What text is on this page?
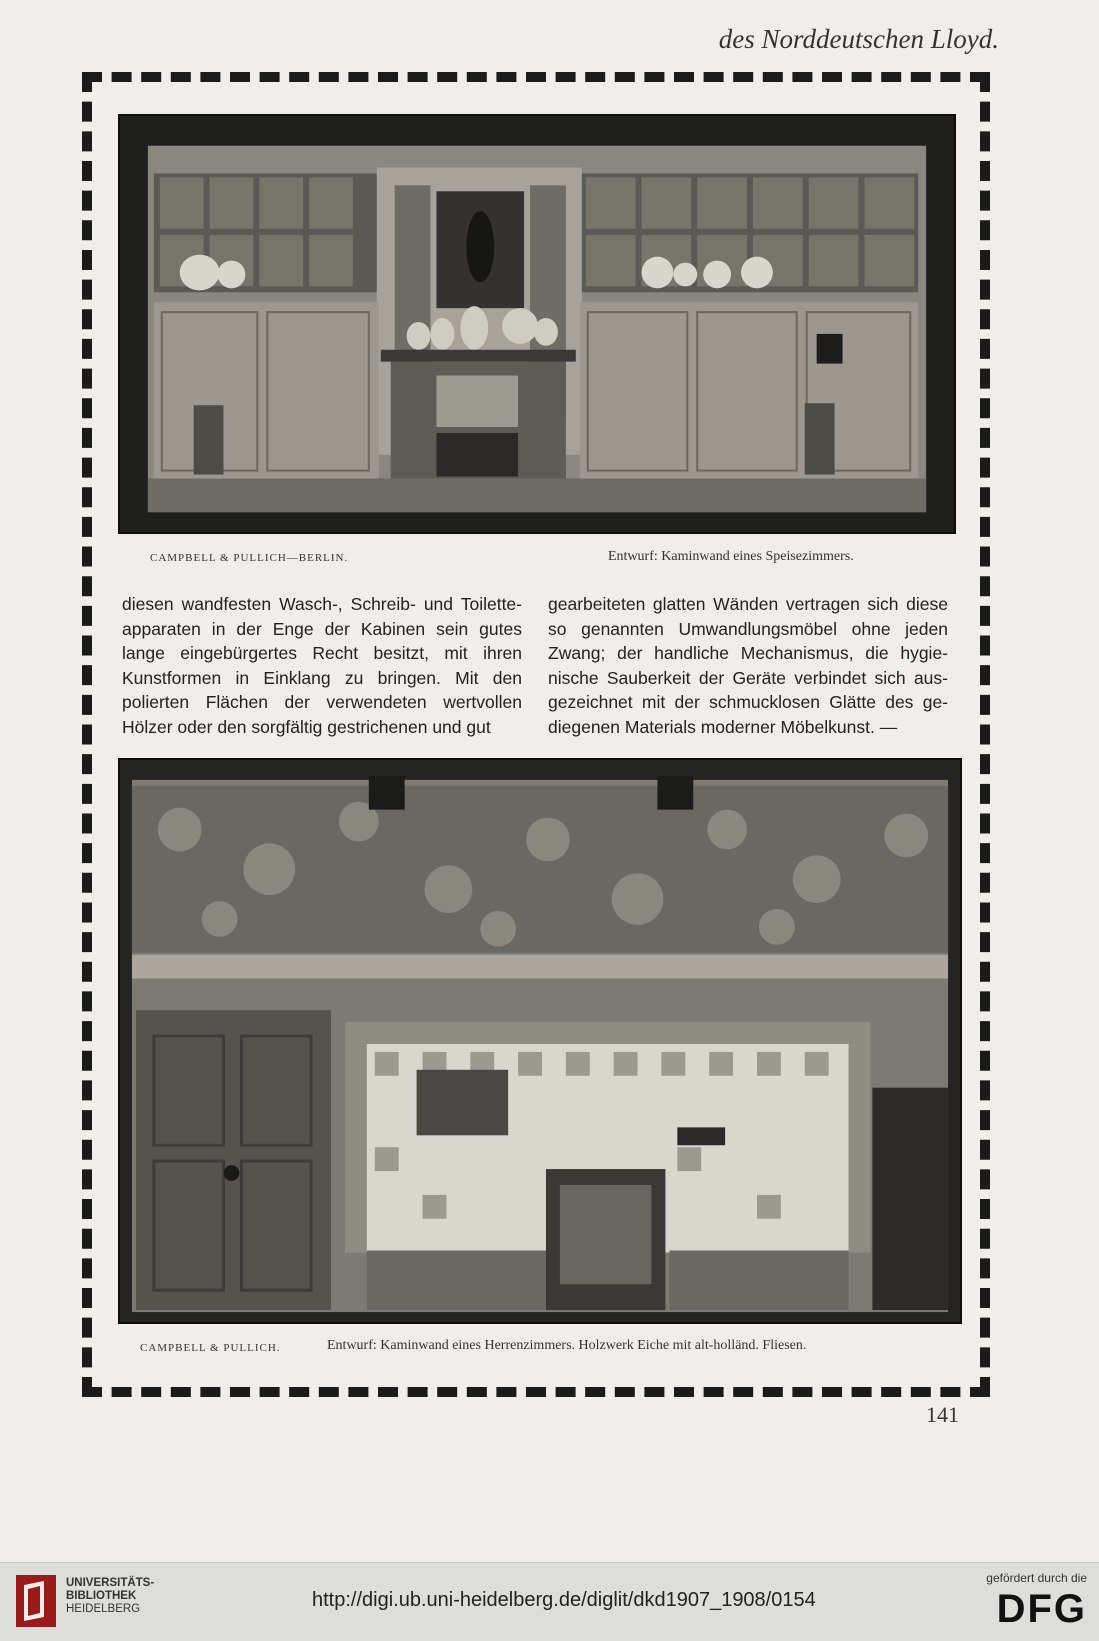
des Norddeutschen Lloyd.
CAMPBELL & PULLICH—BERLIN.	Entwurf: Kaminwand eines Speisezimmers.

diesen wandfesten Wasch-, Schreib- und Toilette-apparaten in der Enge der Kabinen sein gutes lange eingebürgertes Recht besitzt, mit ihren Kunstformen in Einklang zu bringen. Mit den polierten Flächen der verwendeten wertvollen Hölzer oder den sorgfältig gestrichenen und gut

gearbeiteten glatten Wänden vertragen sich diese so genannten Umwandlungsmöbel ohne jeden Zwang; der handliche Mechanismus, die hygie-nische Sauberkeit der Geräte verbindet sich aus-gezeichnet mit der schmucklosen Glätte des ge-diegenen Materials moderner Möbelkunst. —

CAMPBELL & PULLICH.	Entwurf: Kaminwand eines Herrenzimmers. Holzwerk Eiche mit alt-holländ. Fliesen.
141
UNIVERSITÄTS-
BIBLIOTHEK
HEIDELBERG	http://digi.ub.uni-heidelberg.de/diglit/dkd1907_1908/0154
gefördert durch die
DFG
